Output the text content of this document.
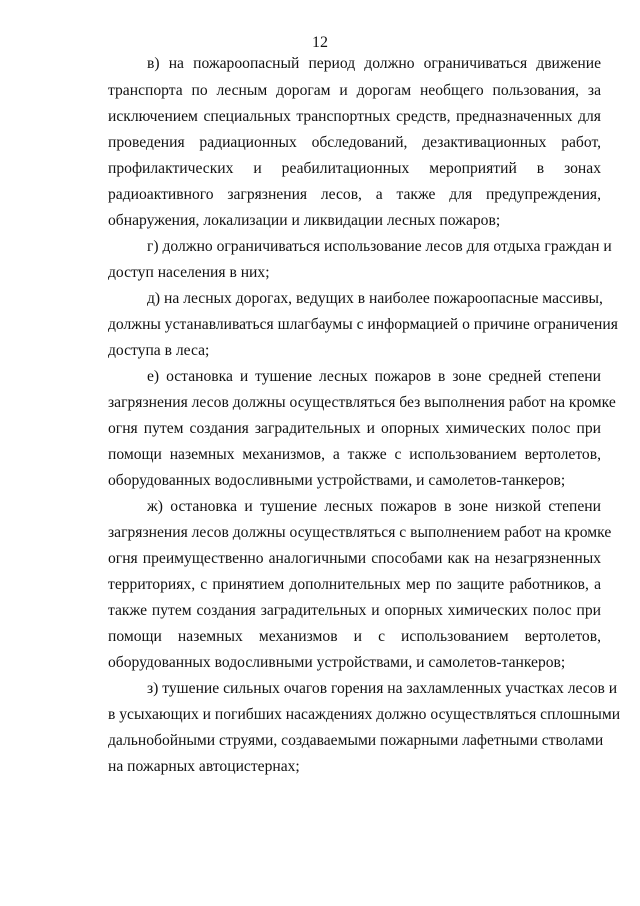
12
в) на пожароопасный период должно ограничиваться движение
транспорта по лесным дорогам и дорогам необщего пользования, за
исключением специальных транспортных средств, предназначенных для
проведения радиационных обследований, дезактивационных работ,
профилактических и реабилитационных мероприятий в зонах
радиоактивного загрязнения лесов, а также для предупреждения,
обнаружения, локализации и ликвидации лесных пожаров;
г) должно ограничиваться использование лесов для отдыха граждан и
доступ населения в них;
д) на лесных дорогах, ведущих в наиболее пожароопасные массивы,
должны устанавливаться шлагбаумы с информацией о причине ограничения
доступа в леса;
е) остановка и тушение лесных пожаров в зоне средней степени
загрязнения лесов должны осуществляться без выполнения работ на кромке
огня путем создания заградительных и опорных химических полос при
помощи наземных механизмов, а также с использованием вертолетов,
оборудованных водосливными устройствами, и самолетов-танкеров;
ж) остановка и тушение лесных пожаров в зоне низкой степени
загрязнения лесов должны осуществляться с выполнением работ на кромке
огня преимущественно аналогичными способами как на незагрязненных
территориях, с принятием дополнительных мер по защите работников, а
также путем создания заградительных и опорных химических полос при
помощи наземных механизмов и с использованием вертолетов,
оборудованных водосливными устройствами, и самолетов-танкеров;
з) тушение сильных очагов горения на захламленных участках лесов и
в усыхающих и погибших насаждениях должно осуществляться сплошными
дальнобойными струями, создаваемыми пожарными лафетными стволами
на пожарных автоцистернах;
